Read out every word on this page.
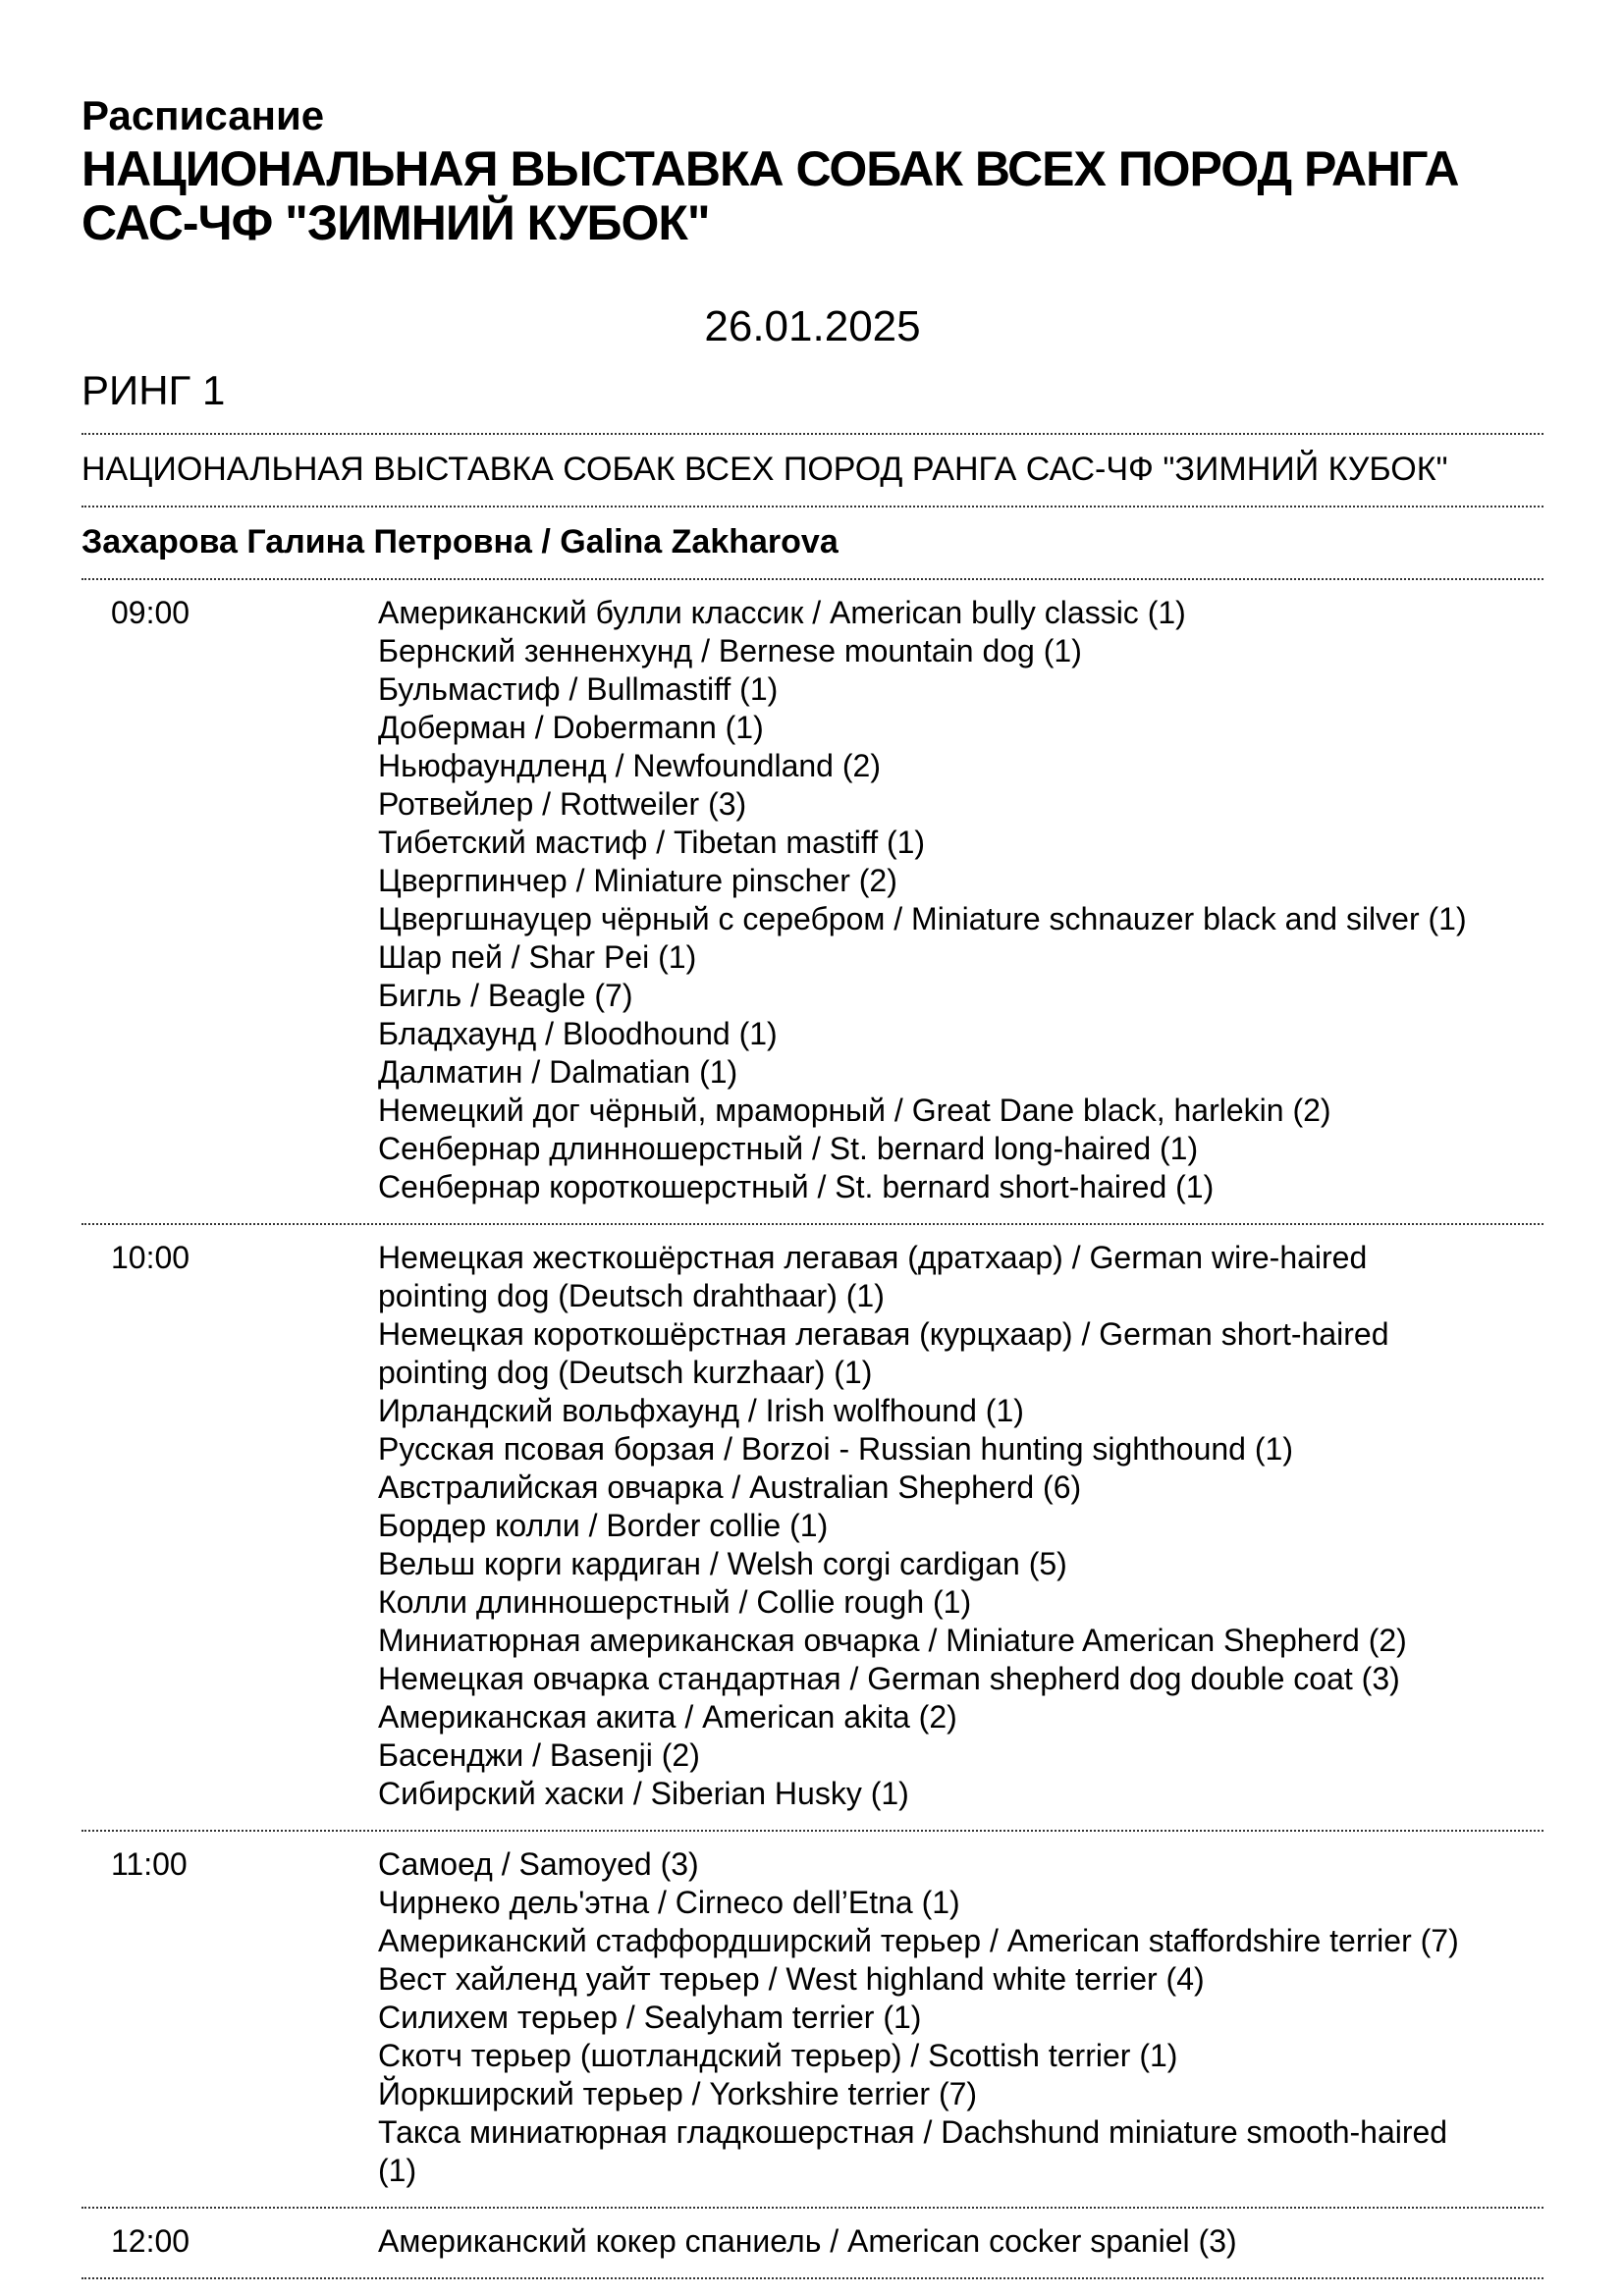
Расписание
НАЦИОНАЛЬНАЯ ВЫСТАВКА СОБАК ВСЕХ ПОРОД РАНГА САС-ЧФ "ЗИМНИЙ КУБОК"
26.01.2025
РИНГ 1
НАЦИОНАЛЬНАЯ ВЫСТАВКА СОБАК ВСЕХ ПОРОД РАНГА САС-ЧФ "ЗИМНИЙ КУБОК"
Захарова Галина Петровна / Galina Zakharova
09:00	Американский булли классик / American bully classic (1)
Бернский зенненхунд / Bernese mountain dog (1)
Бульмастиф / Bullmastiff (1)
Доберман / Dobermann (1)
Ньюфаундленд / Newfoundland (2)
Ротвейлер / Rottweiler (3)
Тибетский мастиф / Tibetan mastiff (1)
Цвергпинчер / Miniature pinscher (2)
Цвергшнауцер чёрный с серебром / Miniature schnauzer black and silver (1)
Шар пей / Shar Pei (1)
Бигль / Beagle (7)
Бладхаунд / Bloodhound (1)
Далматин / Dalmatian (1)
Немецкий дог чёрный, мраморный / Great Dane black, harlekin (2)
Сенбернар длинношерстный / St. bernard long-haired (1)
Сенбернар короткошерстный / St. bernard short-haired (1)
10:00	Немецкая жесткошёрстная легавая (дратхаар) / German wire-haired pointing dog (Deutsch drahthaar) (1)
Немецкая короткошёрстная легавая (курцхаар) / German short-haired pointing dog (Deutsch kurzhaar) (1)
Ирландский вольфхаунд / Irish wolfhound (1)
Русская псовая борзая / Borzoi - Russian hunting sighthound (1)
Австралийская овчарка / Australian Shepherd (6)
Бордер колли / Border collie (1)
Вельш корги кардиган / Welsh corgi cardigan (5)
Колли длинношерстный / Collie rough (1)
Миниатюрная американская овчарка / Miniature American Shepherd (2)
Немецкая овчарка стандартная / German shepherd dog double coat (3)
Американская акита / American akita (2)
Басенджи / Basenji (2)
Сибирский хаски / Siberian Husky (1)
11:00	Самоед / Samoyed (3)
Чирнеко дель'этна / Cirneco dell’Etna (1)
Американский стаффордширский терьер / American staffordshire terrier (7)
Вест хайленд уайт терьер / West highland white terrier (4)
Силихем терьер / Sealyham terrier (1)
Скотч терьер (шотландский терьер) / Scottish terrier (1)
Йоркширский терьер / Yorkshire terrier (7)
Такса миниатюрная гладкошерстная / Dachshund miniature smooth-haired (1)
12:00	Американский кокер спаниель / American cocker spaniel (3)
